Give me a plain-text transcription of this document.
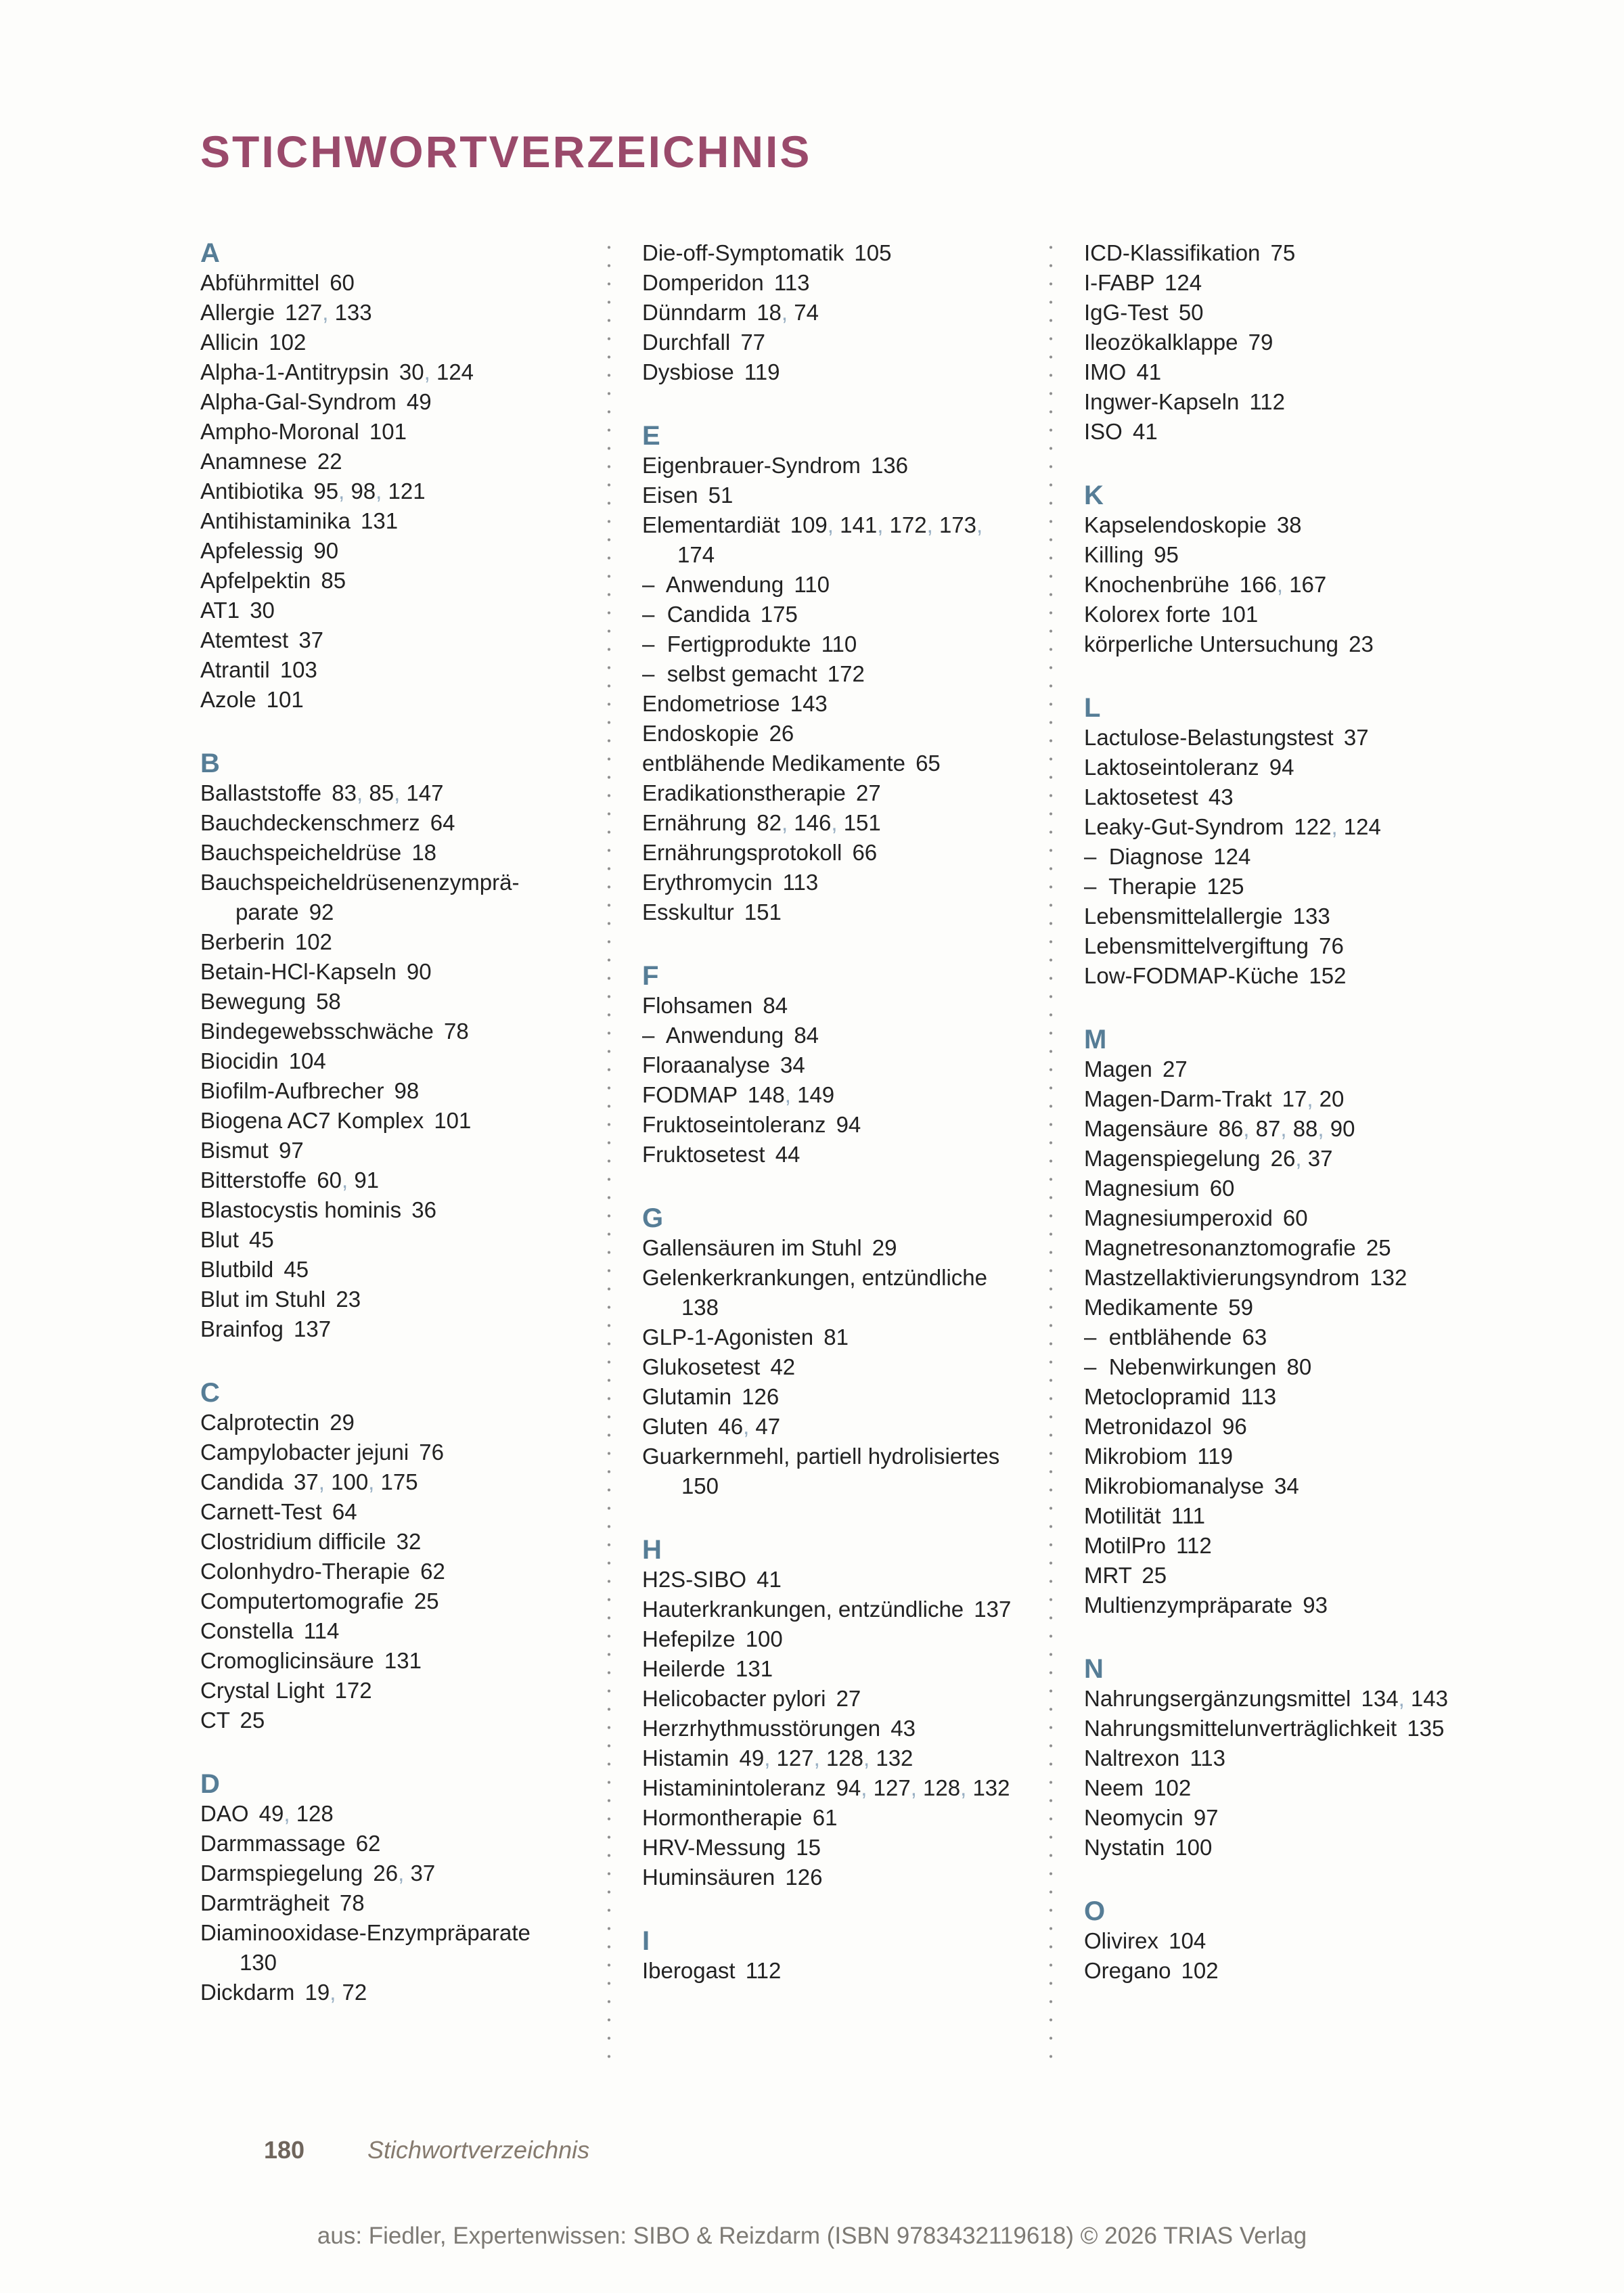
STICHWORTVERZEICHNIS
A
Abführmittel 60
Allergie 127, 133
Allicin 102
Alpha-1-Antitrypsin 30, 124
Alpha-Gal-Syndrom 49
Ampho-Moronal 101
Anamnese 22
Antibiotika 95, 98, 121
Antihistaminika 131
Apfelessig 90
Apfelpektin 85
AT1 30
Atemtest 37
Atrantil 103
Azole 101
B
Ballaststoffe 83, 85, 147
Bauchdeckenschmerz 64
Bauchspeicheldrüse 18
Bauchspeicheldrüsenenzympräparate 92
Berberin 102
Betain-HCl-Kapseln 90
Bewegung 58
Bindegewebsschwäche 78
Biocidin 104
Biofilm-Aufbrecher 98
Biogena AC7 Komplex 101
Bismut 97
Bitterstoffe 60, 91
Blastocystis hominis 36
Blut 45
Blutbild 45
Blut im Stuhl 23
Brainfog 137
C
Calprotectin 29
Campylobacter jejuni 76
Candida 37, 100, 175
Carnett-Test 64
Clostridium difficile 32
Colonhydro-Therapie 62
Computertomografie 25
Constella 114
Cromoglicinsäure 131
Crystal Light 172
CT 25
D
DAO 49, 128
Darmmassage 62
Darmspiegelung 26, 37
Darmträgheit 78
Diaminooxidase-Enzympräparate 130
Dickdarm 19, 72
Die-off-Symptomatik 105
Domperidon 113
Dünndarm 18, 74
Durchfall 77
Dysbiose 119
E
Eigenbrauer-Syndrom 136
Eisen 51
Elementardiät 109, 141, 172, 173, 174
–  Anwendung 110
–  Candida 175
–  Fertigprodukte 110
–  selbst gemacht 172
Endometriose 143
Endoskopie 26
entblähende Medikamente 65
Eradikationstherapie 27
Ernährung 82, 146, 151
Ernährungsprotokoll 66
Erythromycin 113
Esskultur 151
F
Flohsamen 84
–  Anwendung 84
Floraanalyse 34
FODMAP 148, 149
Fruktoseintoleranz 94
Fruktosetest 44
G
Gallensäuren im Stuhl 29
Gelenkerkrankungen, entzündliche 138
GLP-1-Agonisten 81
Glukosetest 42
Glutamin 126
Gluten 46, 47
Guarkernmehl, partiell hydrolisiertes 150
H
H2S-SIBO 41
Hauterkrankungen, entzündliche 137
Hefepilze 100
Heilerde 131
Helicobacter pylori 27
Herzrhythmusstörungen 43
Histamin 49, 127, 128, 132
Histaminintoleranz 94, 127, 128, 132
Hormontherapie 61
HRV-Messung 15
Huminsäuren 126
I
Iberogast 112
ICD-Klassifikation 75
I-FABP 124
IgG-Test 50
Ileozökalklappe 79
IMO 41
Ingwer-Kapseln 112
ISO 41
K
Kapselendoskopie 38
Killing 95
Knochenbrühe 166, 167
Kolorex forte 101
körperliche Untersuchung 23
L
Lactulose-Belastungstest 37
Laktoseintoleranz 94
Laktosetest 43
Leaky-Gut-Syndrom 122, 124
–  Diagnose 124
–  Therapie 125
Lebensmittelallergie 133
Lebensmittelvergiftung 76
Low-FODMAP-Küche 152
M
Magen 27
Magen-Darm-Trakt 17, 20
Magensäure 86, 87, 88, 90
Magenspiegelung 26, 37
Magnesium 60
Magnesiumperoxid 60
Magnetresonanztomografie 25
Mastzellaktivierungsyndrom 132
Medikamente 59
–  entblähende 63
–  Nebenwirkungen 80
Metoclopramid 113
Metronidazol 96
Mikrobiom 119
Mikrobiomanalyse 34
Motilität 111
MotilPro 112
MRT 25
Multienzympräparate 93
N
Nahrungsergänzungsmittel 134, 143
Nahrungsmittelunverträglichkeit 135
Naltrexon 113
Neem 102
Neomycin 97
Nystatin 100
O
Olivirex 104
Oregano 102
180	Stichwortverzeichnis
aus: Fiedler, Expertenwissen: SIBO & Reizdarm (ISBN 9783432119618) © 2026 TRIAS Verlag
